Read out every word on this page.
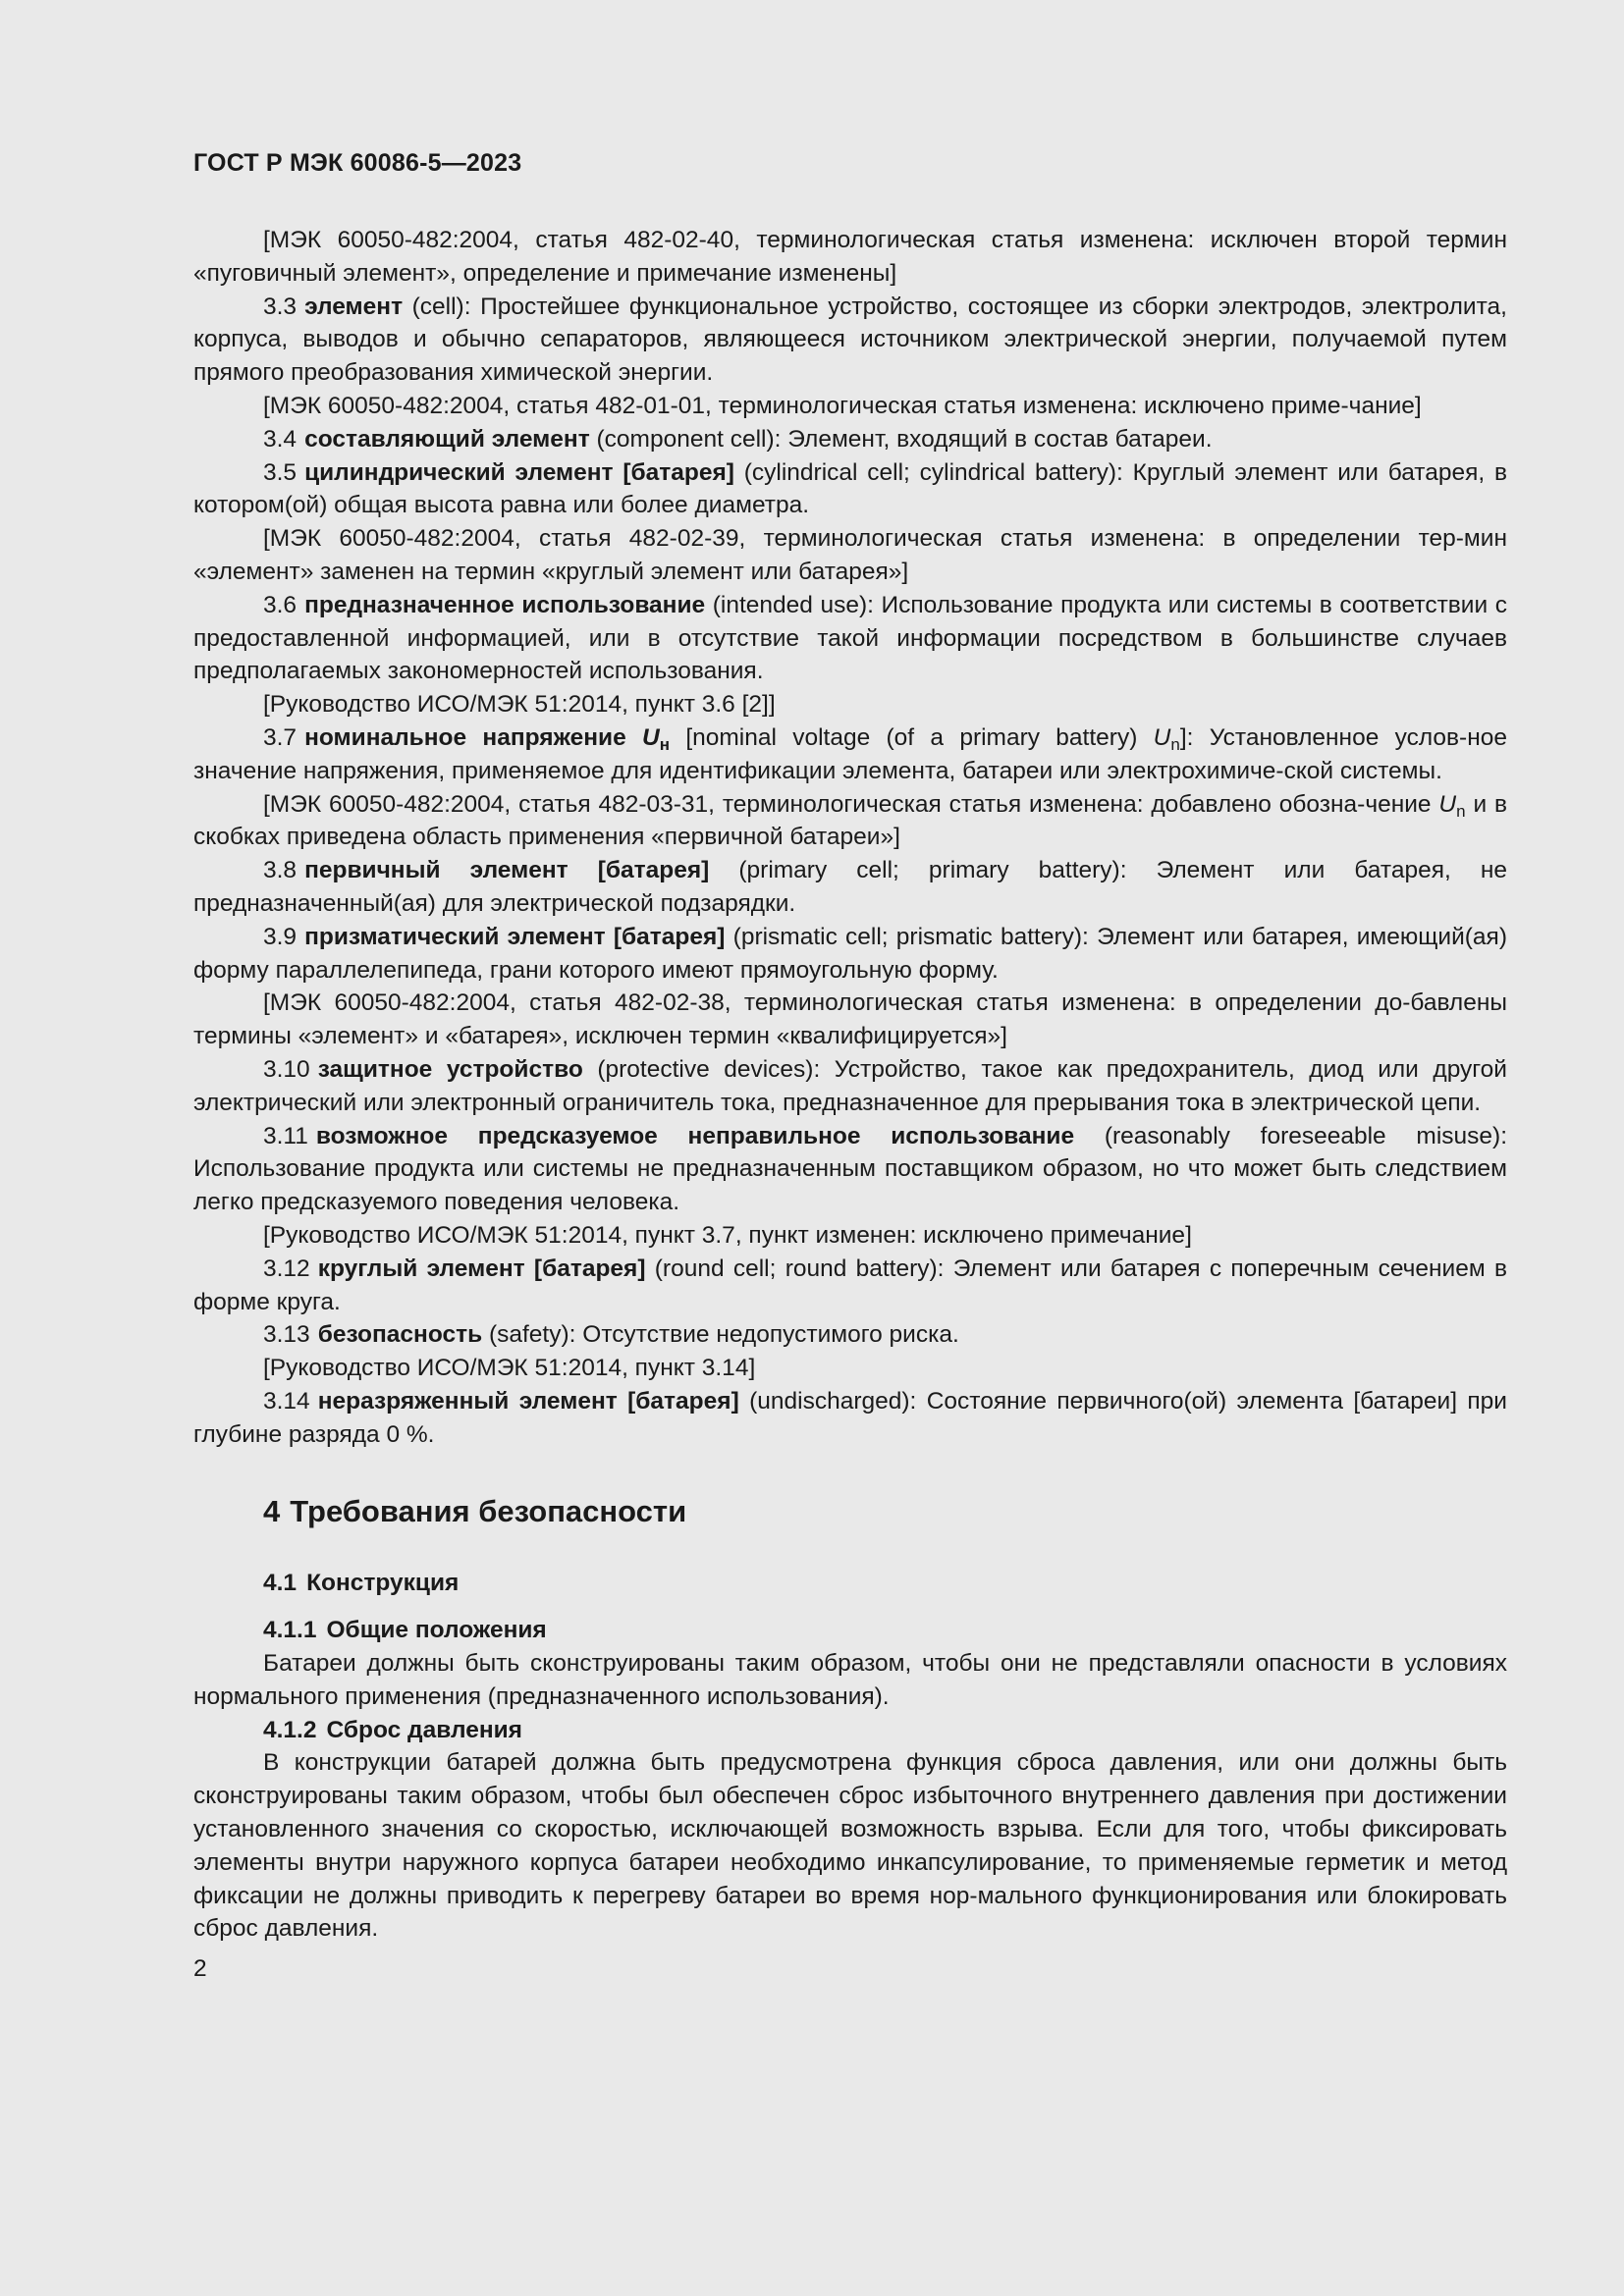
ГОСТ Р МЭК 60086-5—2023

[МЭК 60050-482:2004, статья 482-02-40, терминологическая статья изменена: исключен второй термин «пуговичный элемент», определение и примечание изменены]

3.3 элемент (cell): Простейшее функциональное устройство, состоящее из сборки электродов, электролита, корпуса, выводов и обычно сепараторов, являющееся источником электрической энергии, получаемой путем прямого преобразования химической энергии.

[МЭК 60050-482:2004, статья 482-01-01, терминологическая статья изменена: исключено приме-чание]

3.4 составляющий элемент (component cell): Элемент, входящий в состав батареи.

3.5 цилиндрический элемент [батарея] (cylindrical cell; cylindrical battery): Круглый элемент или батарея, в котором(ой) общая высота равна или более диаметра.

[МЭК 60050-482:2004, статья 482-02-39, терминологическая статья изменена: в определении тер-мин «элемент» заменен на термин «круглый элемент или батарея»]

3.6 предназначенное использование (intended use): Использование продукта или системы в соответствии с предоставленной информацией, или в отсутствие такой информации посредством в большинстве случаев предполагаемых закономерностей использования.

[Руководство ИСО/МЭК 51:2014, пункт 3.6 [2]]

3.7 номинальное напряжение $U_н$ [nominal voltage (of a primary battery) $U_n$]: Установленное услов-ное значение напряжения, применяемое для идентификации элемента, батареи или электрохимиче-ской системы.

[МЭК 60050-482:2004, статья 482-03-31, терминологическая статья изменена: добавлено обозна-чение $U_n$ и в скобках приведена область применения «первичной батареи»]

3.8 первичный элемент [батарея] (primary cell; primary battery): Элемент или батарея, не предназначенный(ая) для электрической подзарядки.

3.9 призматический элемент [батарея] (prismatic cell; prismatic battery): Элемент или батарея, имеющий(ая) форму параллелепипеда, грани которого имеют прямоугольную форму.

[МЭК 60050-482:2004, статья 482-02-38, терминологическая статья изменена: в определении до-бавлены термины «элемент» и «батарея», исключен термин «квалифицируется»]

3.10 защитное устройство (protective devices): Устройство, такое как предохранитель, диод или другой электрический или электронный ограничитель тока, предназначенное для прерывания тока в электрической цепи.

3.11 возможное предсказуемое неправильное использование (reasonably foreseeable misuse): Использование продукта или системы не предназначенным поставщиком образом, но что может быть следствием легко предсказуемого поведения человека.

[Руководство ИСО/МЭК 51:2014, пункт 3.7, пункт изменен: исключено примечание]

3.12 круглый элемент [батарея] (round cell; round battery): Элемент или батарея с поперечным сечением в форме круга.

3.13 безопасность (safety): Отсутствие недопустимого риска.

[Руководство ИСО/МЭК 51:2014, пункт 3.14]

3.14 неразряженный элемент [батарея] (undischarged): Состояние первичного(ой) элемента [батареи] при глубине разряда 0 %.

4 Требования безопасности
4.1 Конструкция
4.1.1 Общие положения

Батареи должны быть сконструированы таким образом, чтобы они не представляли опасности в условиях нормального применения (предназначенного использования).

4.1.2 Сброс давления

В конструкции батарей должна быть предусмотрена функция сброса давления, или они должны быть сконструированы таким образом, чтобы был обеспечен сброс избыточного внутреннего давления при достижении установленного значения со скоростью, исключающей возможность взрыва. Если для того, чтобы фиксировать элементы внутри наружного корпуса батареи необходимо инкапсулирование, то применяемые герметик и метод фиксации не должны приводить к перегреву батареи во время нор-мального функционирования или блокировать сброс давления.

2
